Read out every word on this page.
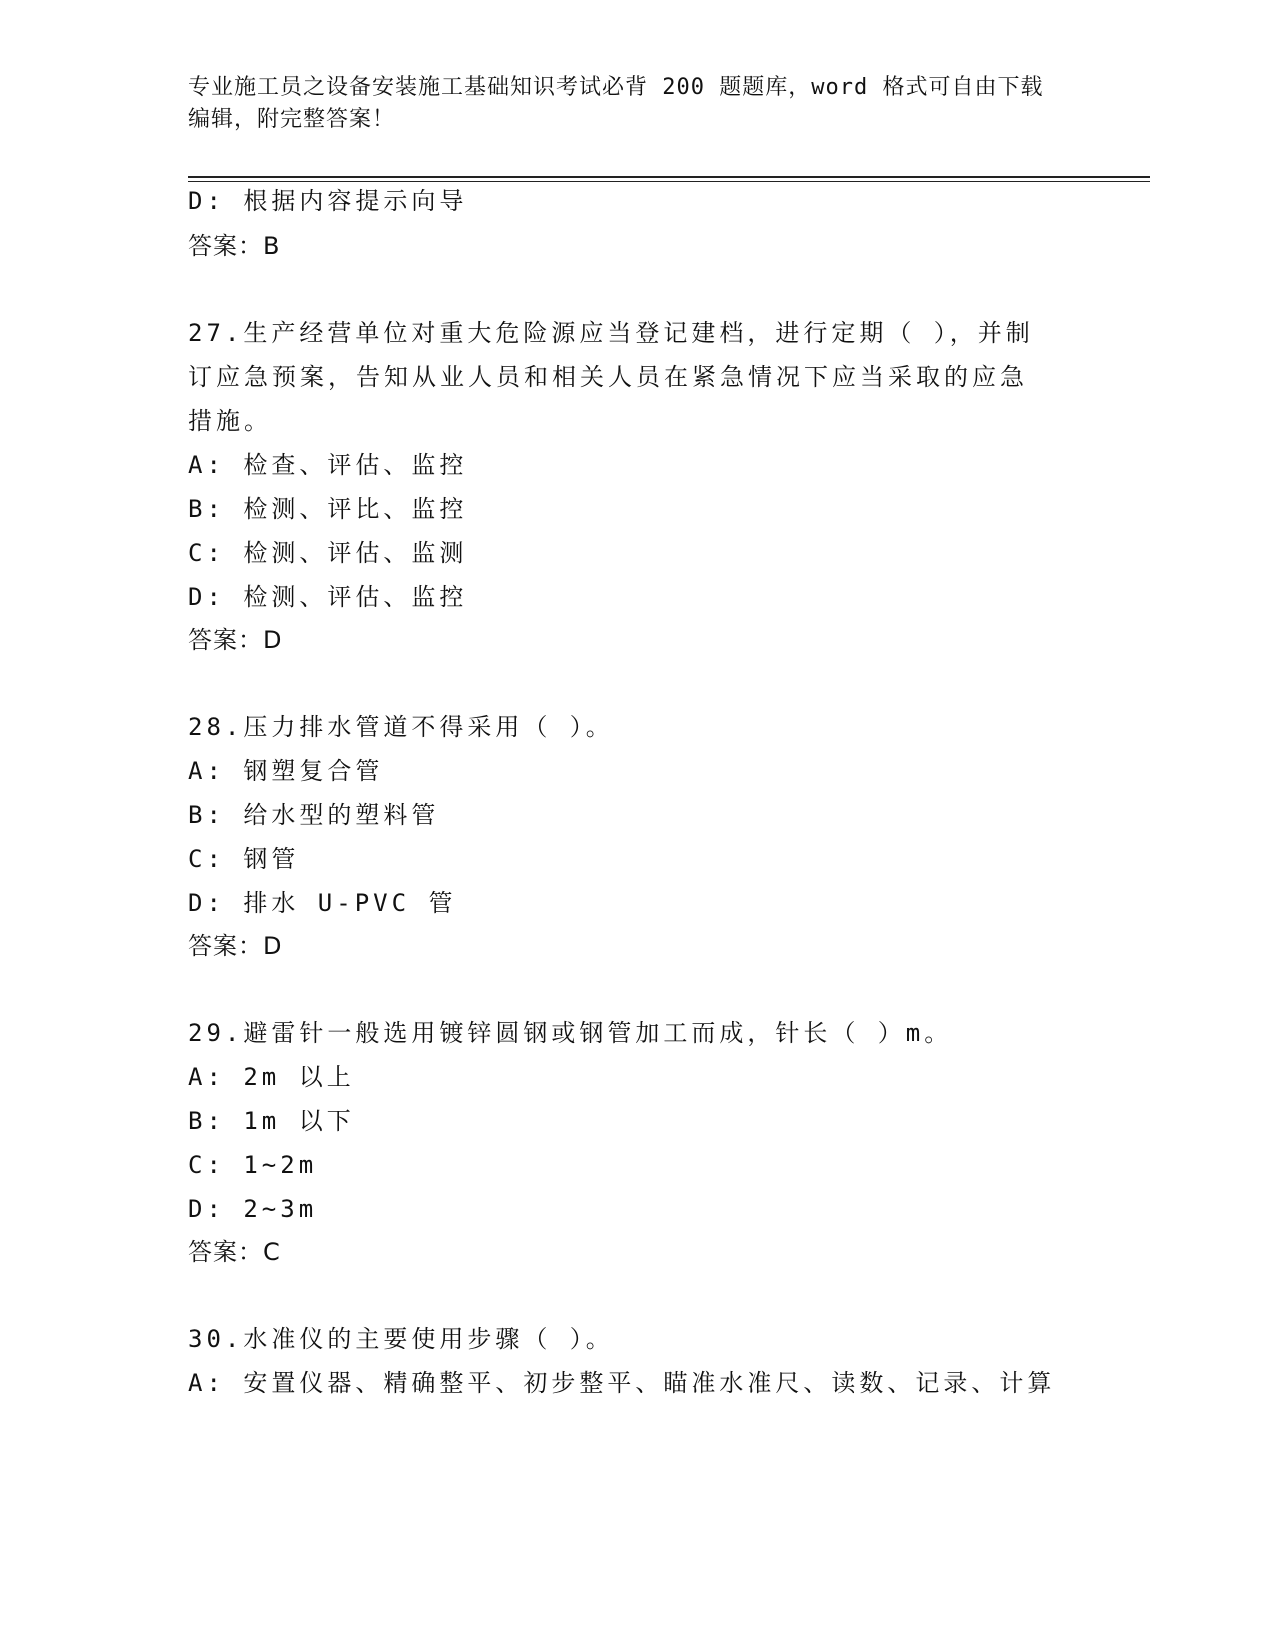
专业施工员之设备安装施工基础知识考试必背 200 题题库，word 格式可自由下载
编辑，附完整答案！
D: 根据内容提示向导
答案：B
27.生产经营单位对重大危险源应当登记建档，进行定期（ ），并制
订应急预案，告知从业人员和相关人员在紧急情况下应当采取的应急
措施。
A: 检查、评估、监控
B: 检测、评比、监控
C: 检测、评估、监测
D: 检测、评估、监控
答案：D
28.压力排水管道不得采用（ ）。
A: 钢塑复合管
B: 给水型的塑料管
C: 钢管
D: 排水 U-PVC 管
答案：D
29.避雷针一般选用镀锌圆钢或钢管加工而成，针长（ ）m。
A: 2m 以上
B: 1m 以下
C: 1~2m
D: 2~3m
答案：C
30.水准仪的主要使用步骤（ ）。
A: 安置仪器、精确整平、初步整平、瞄准水准尺、读数、记录、计算
